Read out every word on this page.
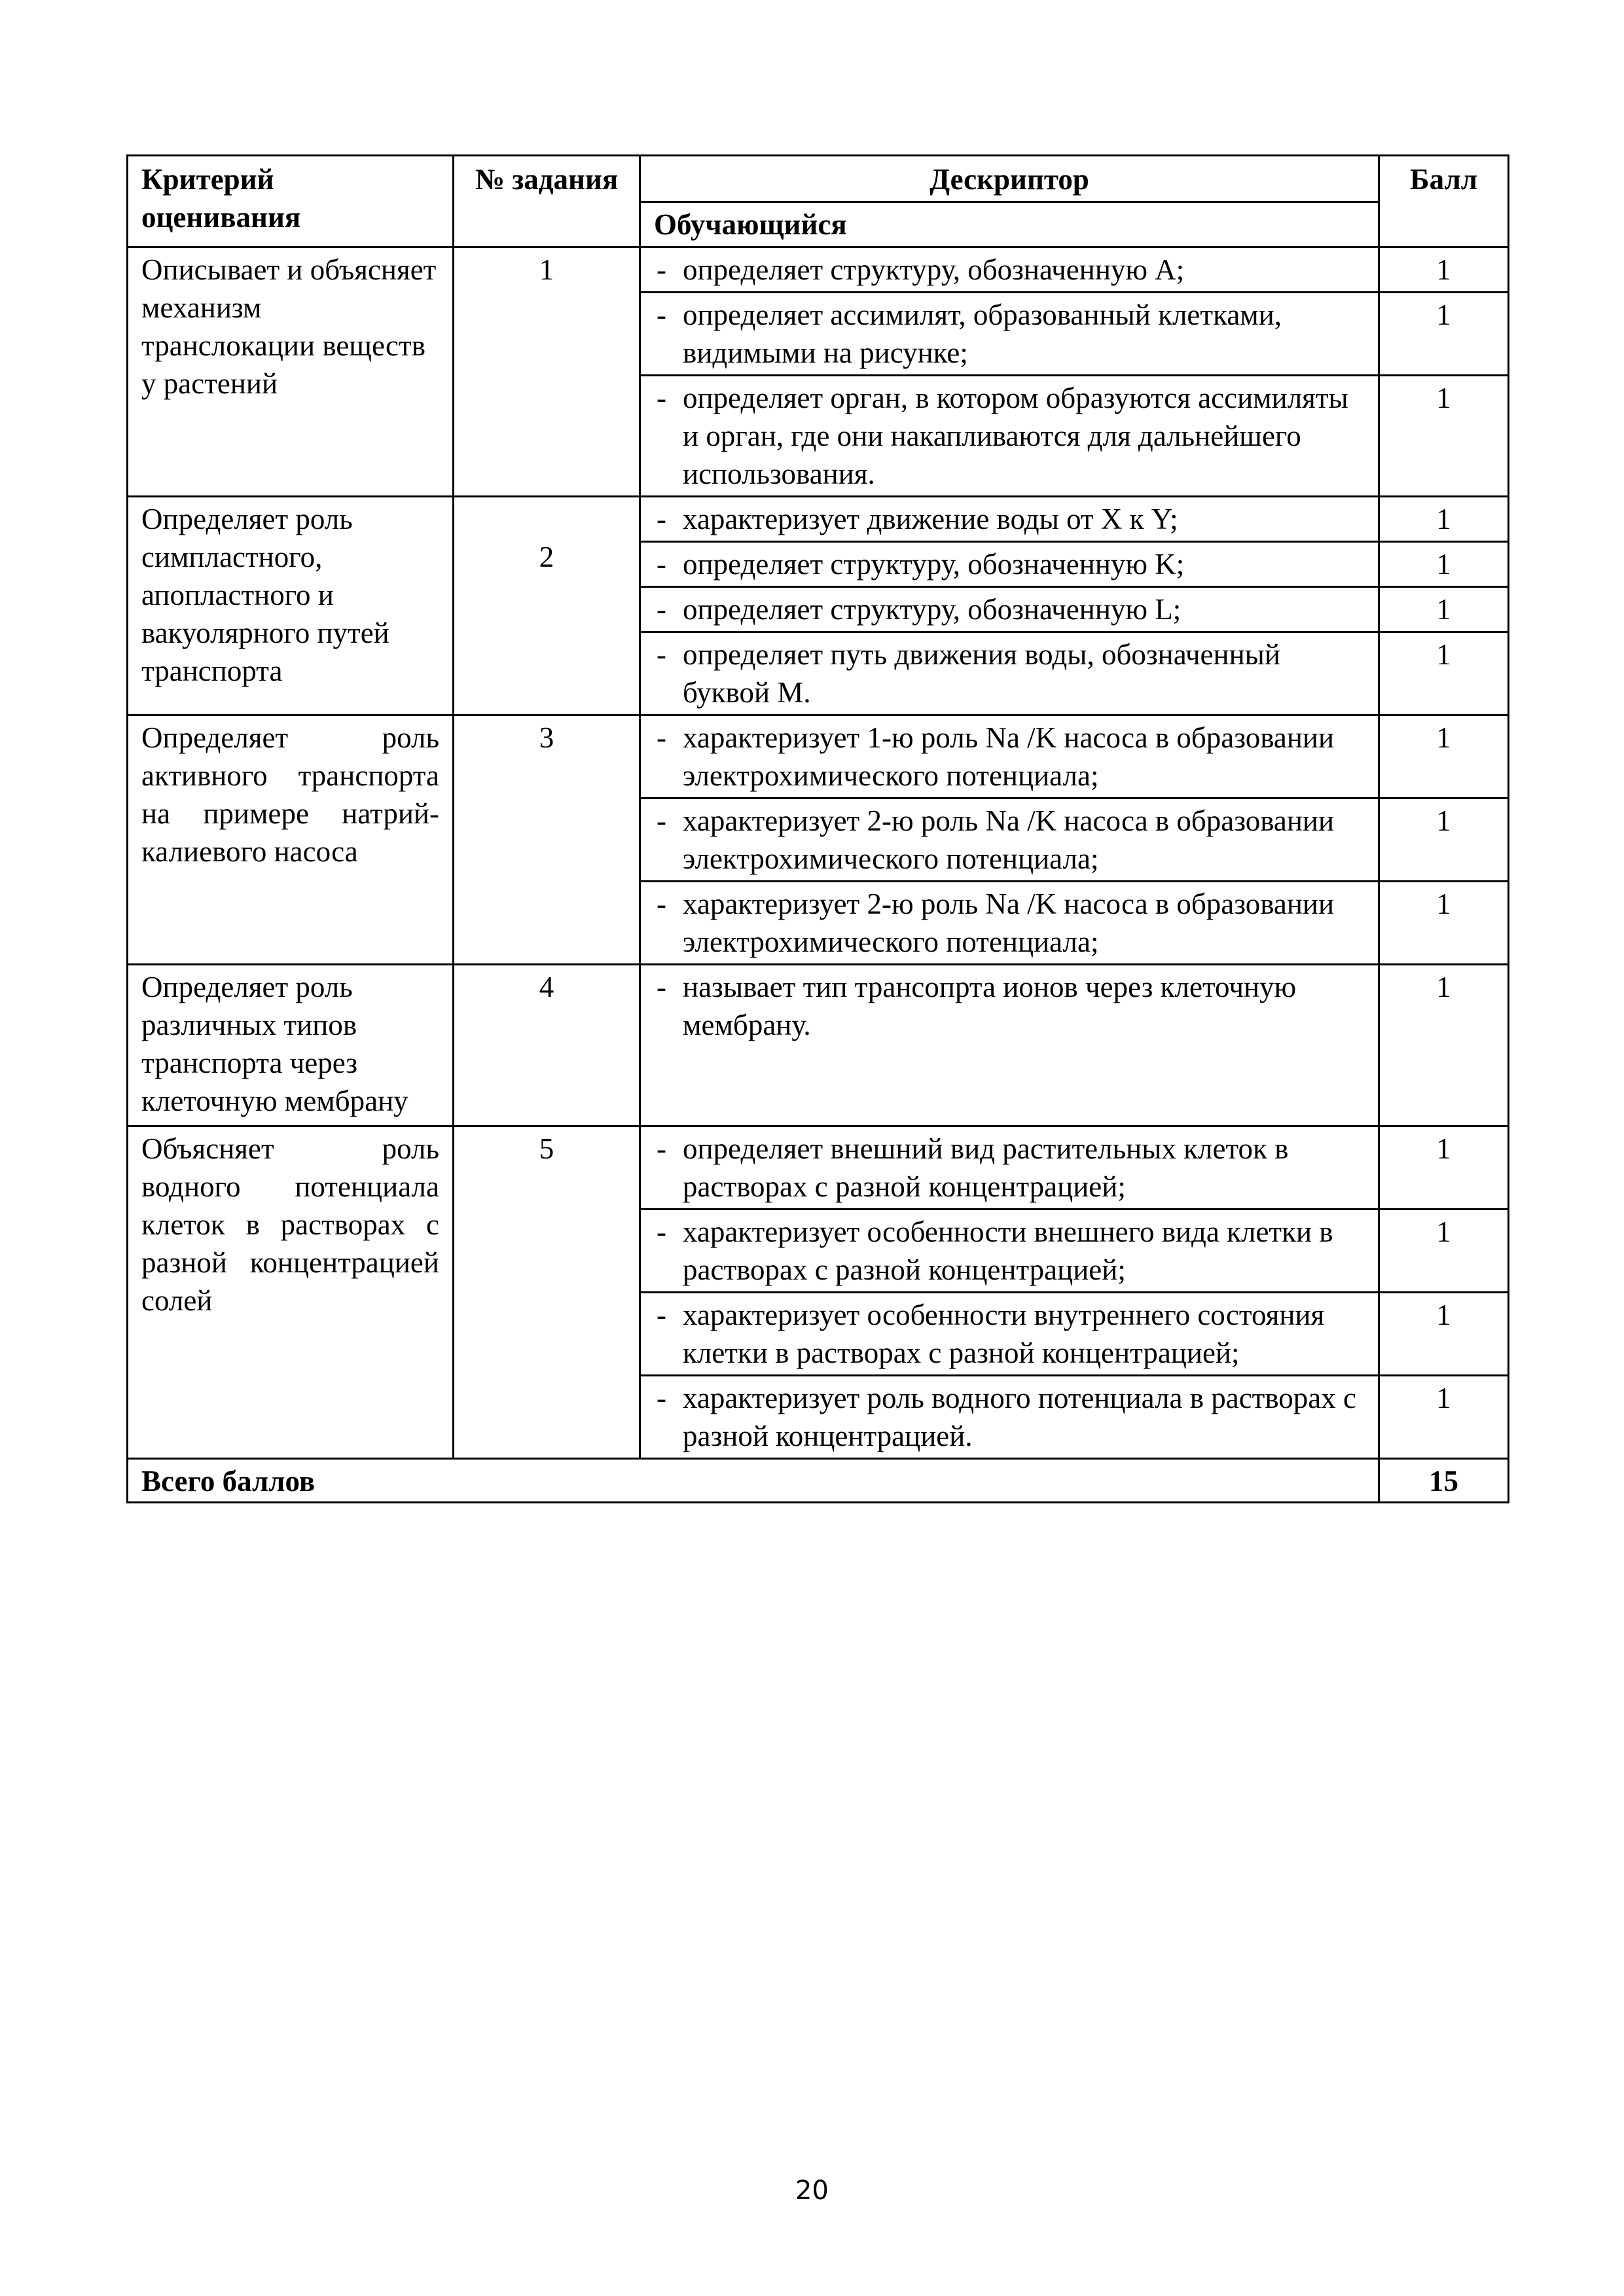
Критерий оценивания	№ задания	Дескриптор	Балл
		Обучающийся	
Описывает и объясняет механизм транслокации веществ у растений	1	- определяет структуру, обозначенную А;	1

		- определяет ассимилят, образованный клетками, видимыми на рисунке;	1

		- определяет орган, в котором образуются ассимиляты и орган, где они накапливаются для дальнейшего использования.	1
Определяет роль симпластного, апопластного и вакуолярного путей транспорта	2	- характеризует движение воды от X к Y;	1

		- определяет структуру, обозначенную K;	1

		- определяет структуру, обозначенную L;	1

		- определяет путь движения воды, обозначенный буквой M.	1
Определяет роль активного транспорта на примере натрий-калиевого насоса	3	- характеризует 1-ю роль Na /K насоса в образовании электрохимического потенциала;	1

		- характеризует 2-ю роль Na /K насоса в образовании электрохимического потенциала;	1

		- характеризует 2-ю роль Na /K насоса в образовании электрохимического потенциала;	1
Определяет роль различных типов транспорта через клеточную мембрану	4	- называет тип трансопрта ионов через клеточную мембрану.	1
Объясняет роль водного потенциала клеток в растворах с разной концентрацией солей	5	- определяет внешний вид растительных клеток в растворах с разной концентрацией;	1

		- характеризует особенности внешнего вида клетки в растворах с разной концентрацией;	1

		- характеризует особенности внутреннего состояния клетки в растворах с разной концентрацией;	1

		- характеризует роль водного потенциала в растворах с разной концентрацией.	1
Всего баллов			15
20
